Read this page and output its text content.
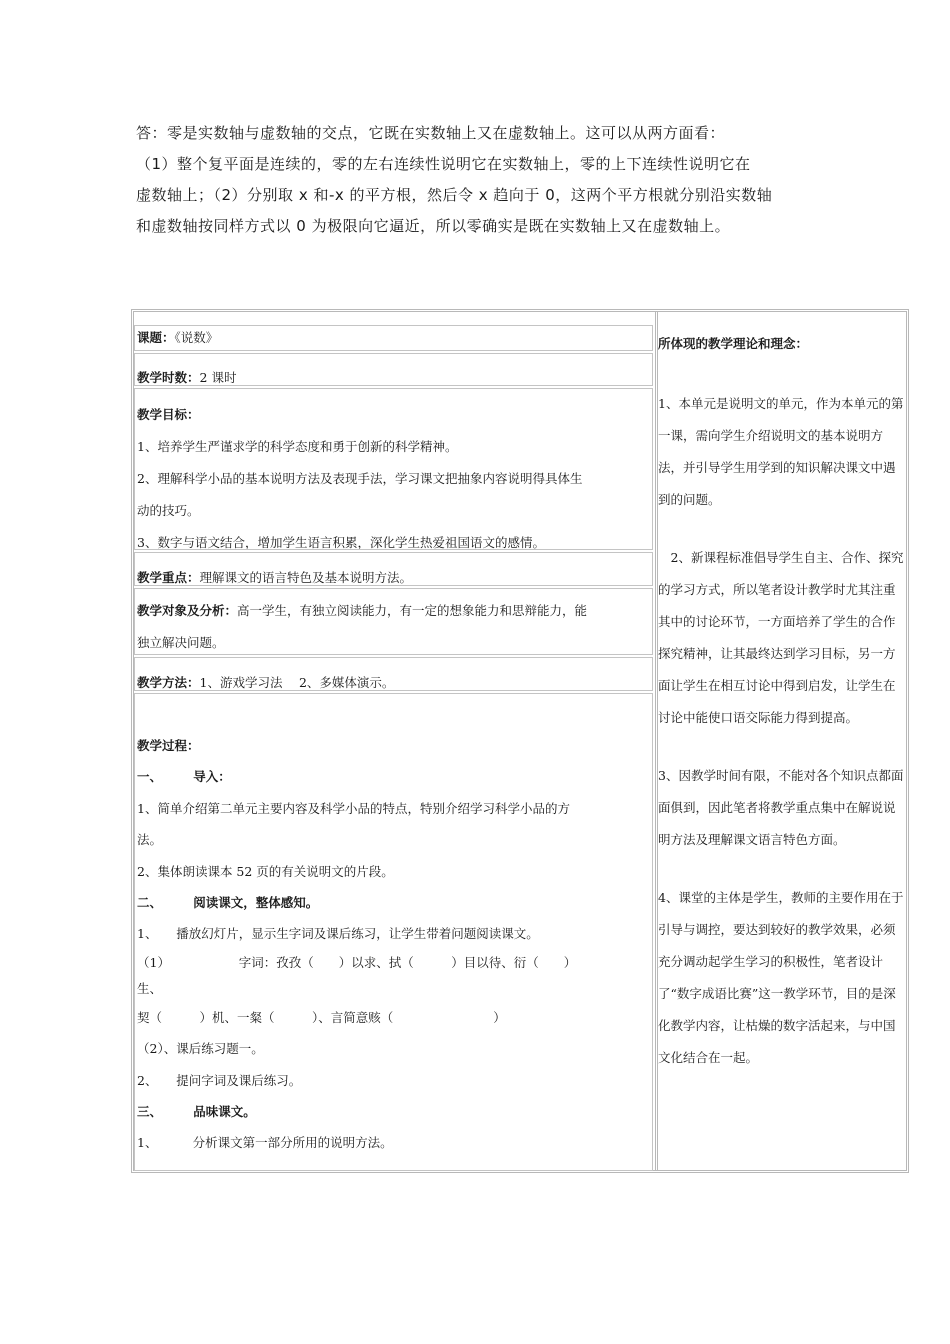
答：零是实数轴与虚数轴的交点，它既在实数轴上又在虚数轴上。这可以从两方面看：

（1）整个复平面是连续的，零的左右连续性说明它在实数轴上，零的上下连续性说明它在

虚数轴上；（2）分别取 x 和-x 的平方根，然后令 x 趋向于 0，这两个平方根就分别沿实数轴

和虚数轴按同样方式以 0 为极限向它逼近，所以零确实是既在实数轴上又在虚数轴上。

课题：《说数》
教学时数：2 课时

教学目标：

1、培养学生严谨求学的科学态度和勇于创新的科学精神。

2、理解科学小品的基本说明方法及表现手法，学习课文把抽象内容说明得具体生

动的技巧。

3、数字与语文结合，增加学生语言积累，深化学生热爱祖国语文的感情。

教学重点：理解课文的语言特色及基本说明方法。

教学对象及分析：高一学生，有独立阅读能力，有一定的想象能力和思辩能力，能

独立解决问题。

教学方法：1、游戏学习法　 2、多媒体演示。

教学过程：

一、　　　导入：

1、简单介绍第二单元主要内容及科学小品的特点，特别介绍学习科学小品的方

法。

2、集体朗读课本 52 页的有关说明文的片段。

二、　　　阅读课文，整体感知。

1、　　播放幻灯片，显示生字词及课后练习，让学生带着问题阅读课文。

（1）　　　　　　字词：孜孜（　　）以求、拭（　　　）目以待、衍（　　）

生、

契（　　　）机、一粲（　　　）、言简意赅（　　　　　　　　）

（2）、课后练习题一。

2、　　提问字词及课后练习。

三、　　　品味课文。

1、　　　 分析课文第一部分所用的说明方法。

所体现的教学理论和理念：

1、本单元是说明文的单元，作为本单元的第一课，需向学生介绍说明文的基本说明方法，并引导学生用学到的知识解决课文中遇到的问题。

　2、新课程标准倡导学生自主、合作、探究的学习方式，所以笔者设计教学时尤其注重其中的讨论环节，一方面培养了学生的合作探究精神，让其最终达到学习目标，另一方面让学生在相互讨论中得到启发，让学生在讨论中能使口语交际能力得到提高。

3、因教学时间有限，不能对各个知识点都面面俱到，因此笔者将教学重点集中在解说说明方法及理解课文语言特色方面。

4、课堂的主体是学生，教师的主要作用在于引导与调控，要达到较好的教学效果，必须充分调动起学生学习的积极性，笔者设计了“数字成语比赛”这一教学环节，目的是深化教学内容，让枯燥的数字活起来，与中国文化结合在一起。
